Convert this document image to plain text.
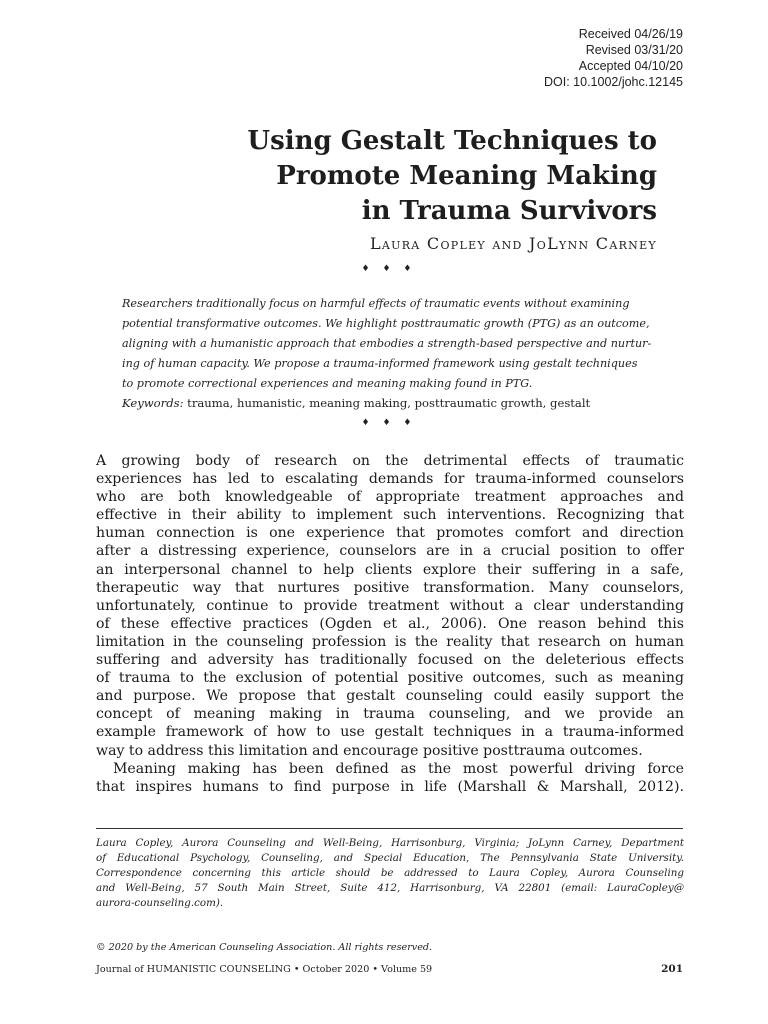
Received 04/26/19
Revised 03/31/20
Accepted 04/10/20
DOI: 10.1002/johc.12145
Using Gestalt Techniques to
Promote Meaning Making
in Trauma Survivors
Laura Copley and JoLynn Carney
♦ ♦ ♦
Researchers traditionally focus on harmful effects of traumatic events without examining
potential transformative outcomes. We highlight posttraumatic growth (PTG) as an outcome,
aligning with a humanistic approach that embodies a strength-based perspective and nurtur-
ing of human capacity. We propose a trauma-informed framework using gestalt techniques
to promote correctional experiences and meaning making found in PTG.
Keywords: trauma, humanistic, meaning making, posttraumatic growth, gestalt
♦ ♦ ♦
A growing body of research on the detrimental effects of traumatic
experiences has led to escalating demands for trauma-informed counselors
who are both knowledgeable of appropriate treatment approaches and
effective in their ability to implement such interventions. Recognizing that
human connection is one experience that promotes comfort and direction
after a distressing experience, counselors are in a crucial position to offer
an interpersonal channel to help clients explore their suffering in a safe,
therapeutic way that nurtures positive transformation. Many counselors,
unfortunately, continue to provide treatment without a clear understanding
of these effective practices (Ogden et al., 2006). One reason behind this
limitation in the counseling profession is the reality that research on human
suffering and adversity has traditionally focused on the deleterious effects
of trauma to the exclusion of potential positive outcomes, such as meaning
and purpose. We propose that gestalt counseling could easily support the
concept of meaning making in trauma counseling, and we provide an
example framework of how to use gestalt techniques in a trauma-informed
way to address this limitation and encourage positive posttrauma outcomes.
Meaning making has been defined as the most powerful driving force
that inspires humans to find purpose in life (Marshall & Marshall, 2012).
Laura Copley, Aurora Counseling and Well-Being, Harrisonburg, Virginia; JoLynn Carney, Department
of Educational Psychology, Counseling, and Special Education, The Pennsylvania State University.
Correspondence concerning this article should be addressed to Laura Copley, Aurora Counseling
and Well-Being, 57 South Main Street, Suite 412, Harrisonburg, VA 22801 (email: LauraCopley@
aurora-counseling.com).
© 2020 by the American Counseling Association. All rights reserved.
Journal of HUMANISTIC COUNSELING • October 2020 • Volume 59	201
